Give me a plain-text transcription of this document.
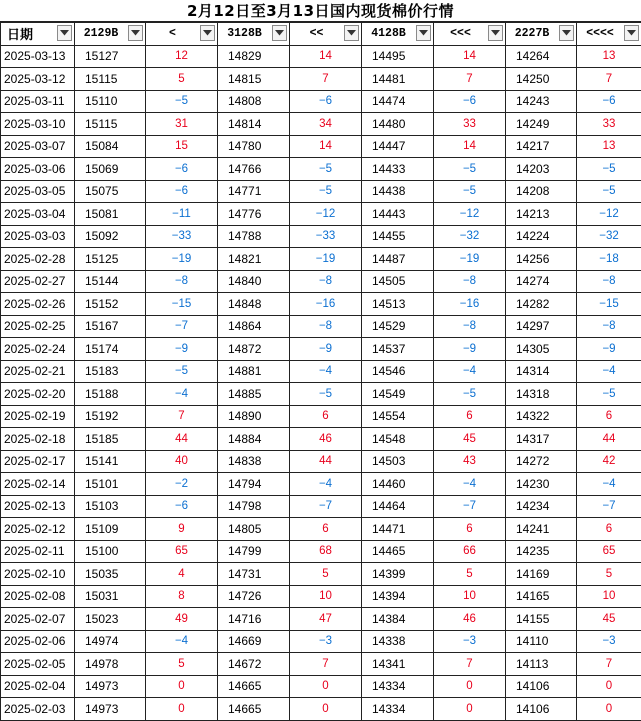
2月12日至3月13日国内现货棉价行情
日期	2129B	<	3128B	<<	4128B	<<<	2227B	<<<<

2025-03-13	15127	12	14829	14	14495	14	14264	13
2025-03-12	15115	5	14815	7	14481	7	14250	7
2025-03-11	15110	−5	14808	−6	14474	−6	14243	−6
2025-03-10	15115	31	14814	34	14480	33	14249	33
2025-03-07	15084	15	14780	14	14447	14	14217	13
2025-03-06	15069	−6	14766	−5	14433	−5	14203	−5
2025-03-05	15075	−6	14771	−5	14438	−5	14208	−5
2025-03-04	15081	−11	14776	−12	14443	−12	14213	−12
2025-03-03	15092	−33	14788	−33	14455	−32	14224	−32
2025-02-28	15125	−19	14821	−19	14487	−19	14256	−18
2025-02-27	15144	−8	14840	−8	14505	−8	14274	−8
2025-02-26	15152	−15	14848	−16	14513	−16	14282	−15
2025-02-25	15167	−7	14864	−8	14529	−8	14297	−8
2025-02-24	15174	−9	14872	−9	14537	−9	14305	−9
2025-02-21	15183	−5	14881	−4	14546	−4	14314	−4
2025-02-20	15188	−4	14885	−5	14549	−5	14318	−5
2025-02-19	15192	7	14890	6	14554	6	14322	6
2025-02-18	15185	44	14884	46	14548	45	14317	44
2025-02-17	15141	40	14838	44	14503	43	14272	42
2025-02-14	15101	−2	14794	−4	14460	−4	14230	−4
2025-02-13	15103	−6	14798	−7	14464	−7	14234	−7
2025-02-12	15109	9	14805	6	14471	6	14241	6
2025-02-11	15100	65	14799	68	14465	66	14235	65
2025-02-10	15035	4	14731	5	14399	5	14169	5
2025-02-08	15031	8	14726	10	14394	10	14165	10
2025-02-07	15023	49	14716	47	14384	46	14155	45
2025-02-06	14974	−4	14669	−3	14338	−3	14110	−3
2025-02-05	14978	5	14672	7	14341	7	14113	7
2025-02-04	14973	0	14665	0	14334	0	14106	0
2025-02-03	14973	0	14665	0	14334	0	14106	0
